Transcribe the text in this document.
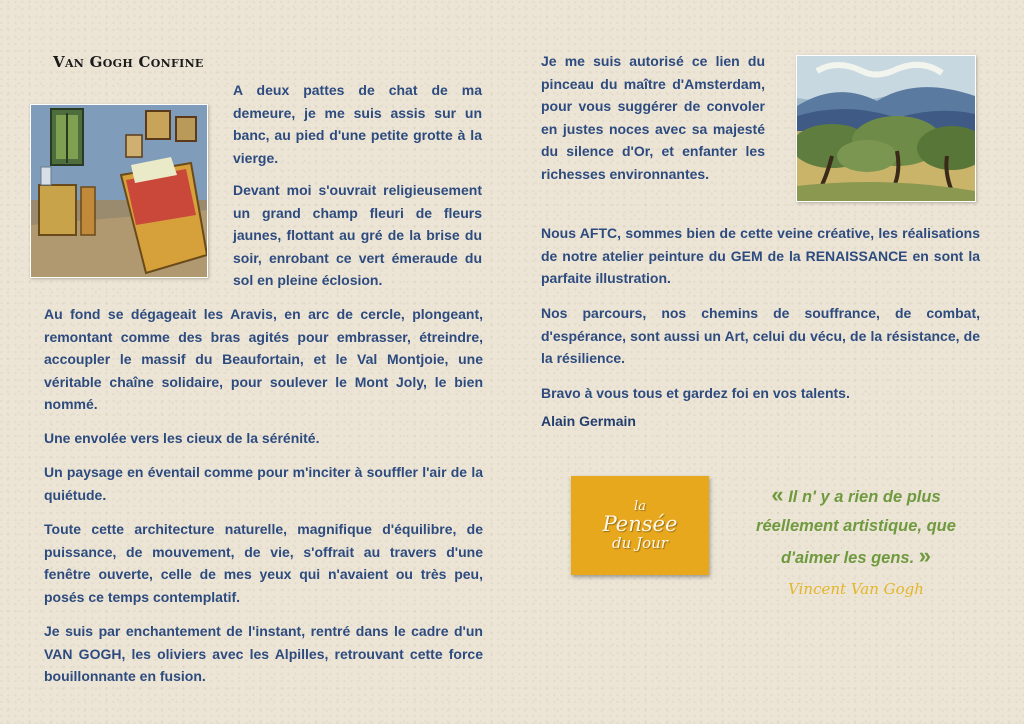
Van Gogh Confine

A deux pattes de chat de ma demeure, je me suis assis sur un banc, au pied d'une petite grotte à la vierge.

Devant moi s'ouvrait religieusement un grand champ fleuri de fleurs jaunes, flottant au gré de la brise du soir, enrobant ce vert émeraude du sol en pleine éclosion.

Au fond se dégageait les Aravis, en arc de cercle, plongeant, remontant comme des bras agités pour embrasser, étreindre, accoupler le massif du Beaufortain, et le Val Montjoie, une véritable chaîne solidaire, pour soulever le Mont Joly, le bien nommé.

Une envolée vers les cieux de la sérénité.

Un paysage en éventail comme pour m'inciter à souffler l'air de la quiétude.

Toute cette architecture naturelle, magnifique d'équilibre, de puissance, de mouvement, de vie, s'offrait au travers d'une fenêtre ouverte, celle de mes yeux qui n'avaient ou très peu, posés ce temps contemplatif.

Je suis par enchantement de l'instant, rentré dans le cadre d'un VAN GOGH, les oliviers avec les Alpilles, retrouvant cette force bouillonnante en fusion.

Je me suis autorisé ce lien du pinceau du maître d'Amsterdam, pour vous suggérer de convoler en justes noces avec sa majesté du silence d'Or, et enfanter les richesses environnantes.

Nous AFTC, sommes bien de cette veine créative, les réalisations de notre atelier peinture du GEM de la RENAISSANCE en sont la parfaite illustration.

Nos parcours, nos chemins de souffrance, de combat, d'espérance, sont aussi un Art, celui du vécu, de la résistance, de la résilience.

Bravo à vous tous et gardez foi en vos talents.

Alain Germain

la
Pensée
du Jour

« Il n' y a rien de plus réellement artistique, que d'aimer les gens. »

Vincent Van Gogh
